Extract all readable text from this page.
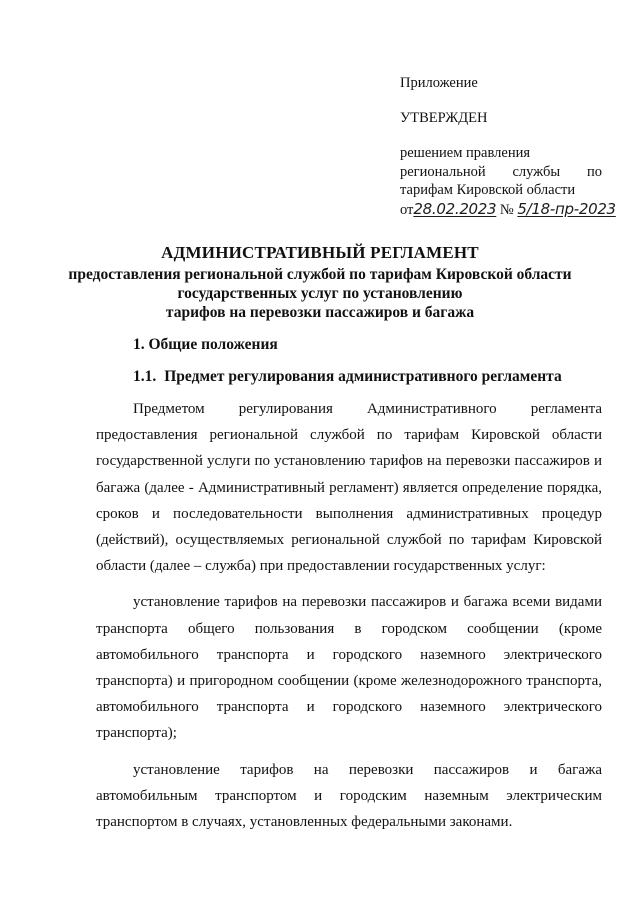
Приложение
УТВЕРЖДЕН
решением правления
региональной службы по
тарифам Кировской области
от28.02.2023 № 5/18-пр-2023
АДМИНИСТРАТИВНЫЙ РЕГЛАМЕНТ
предоставления региональной службой по тарифам Кировской области
государственных услуг по установлению
тарифов на перевозки пассажиров и багажа
1. Общие положения
1.1. Предмет регулирования административного регламента

Предметом регулирования Административного регламента предоставления региональной службой по тарифам Кировской области государственной услуги по установлению тарифов на перевозки пассажиров и багажа (далее - Административный регламент) является определение порядка, сроков и последовательности выполнения административных процедур (действий), осуществляемых региональной службой по тарифам Кировской области (далее – служба) при предоставлении государственных услуг:

установление тарифов на перевозки пассажиров и багажа всеми видами транспорта общего пользования в городском сообщении (кроме автомобильного транспорта и городского наземного электрического транспорта) и пригородном сообщении (кроме железнодорожного транспорта, автомобильного транспорта и городского наземного электрического транспорта);

установление тарифов на перевозки пассажиров и багажа автомобильным транспортом и городским наземным электрическим транспортом в случаях, установленных федеральными законами.
